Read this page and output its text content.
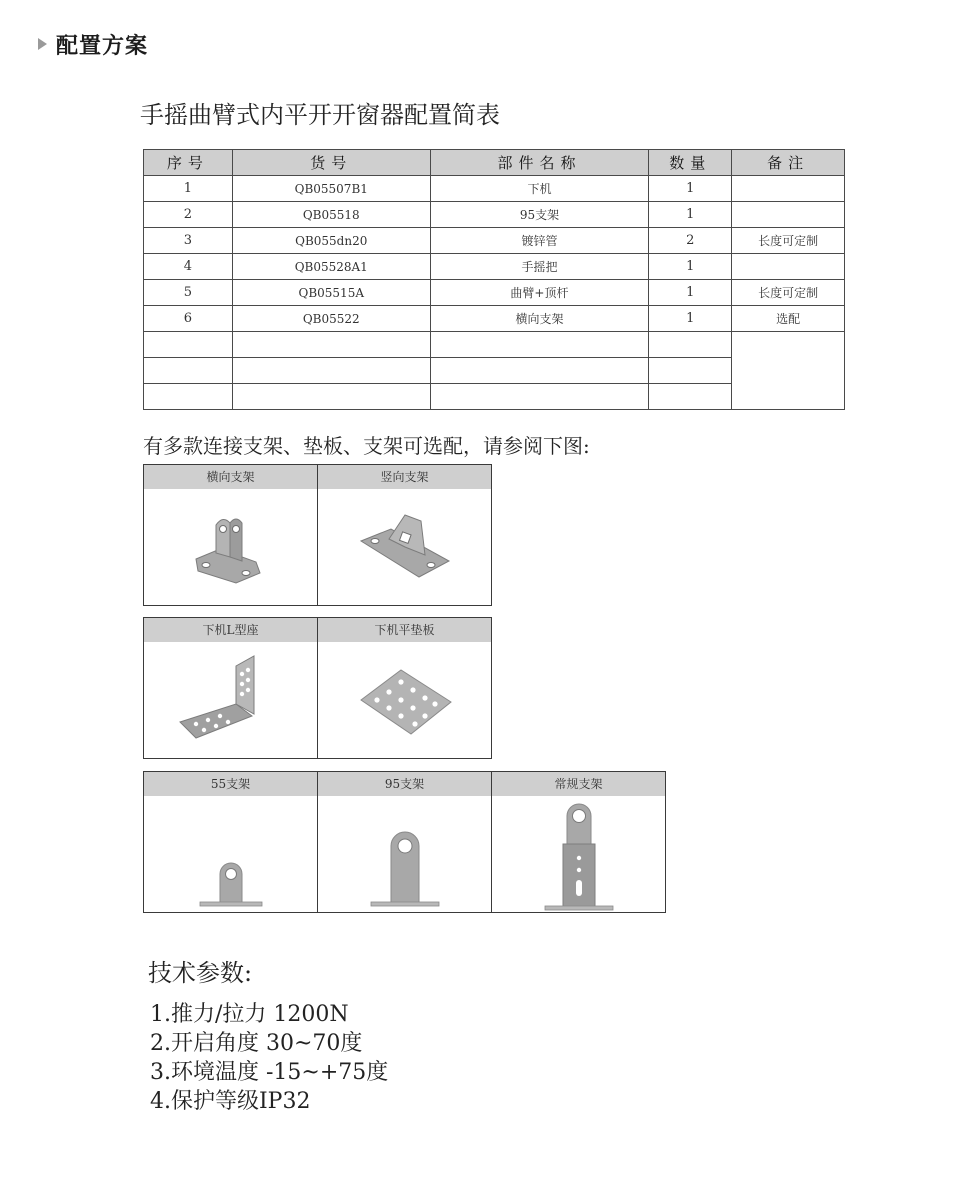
配置方案
手摇曲臂式内平开开窗器配置简表
序号	货号	部件名称	数量	备注
1	QB05507B1	下机	1	
2	QB05518	95支架	1	
3	QB055dn20	镀锌管	2	长度可定制
4	QB05528A1	手摇把	1	
5	QB05515A	曲臂+顶杆	1	长度可定制
6	QB05522	横向支架	1	选配

有多款连接支架、垫板、支架可选配，请参阅下图:
横向支架	竖向支架
下机L型座	下机平垫板
55支架	95支架	常规支架
技术参数:
1.推力/拉力 1200N
2.开启角度 30~70度
3.环境温度 -15~+75度
4.保护等级IP32
